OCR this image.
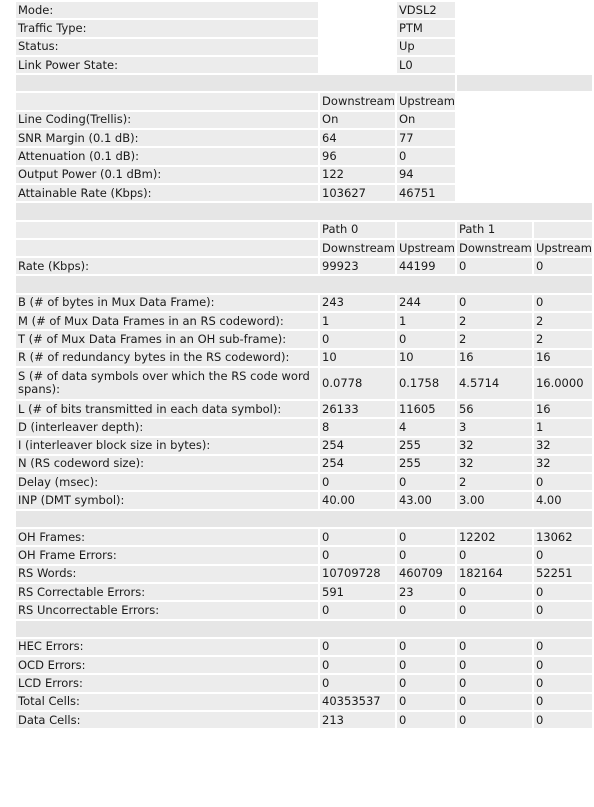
Mode:		VDSL2		
Traffic Type:		PTM		
Status:		Up		
Link Power State:		L0		

	Downstream	Upstream		
Line Coding(Trellis):	On	On		
SNR Margin (0.1 dB):	64	77		
Attenuation (0.1 dB):	96	0		
Output Power (0.1 dBm):	122	94		
Attainable Rate (Kbps):	103627	46751		

	Path 0		Path 1	
	Downstream	Upstream	Downstream	Upstream
Rate (Kbps):	99923	44199	0	0

B (# of bytes in Mux Data Frame):	243	244	0	0
M (# of Mux Data Frames in an RS codeword):	1	1	2	2
T (# of Mux Data Frames in an OH sub-frame):	0	0	2	2
R (# of redundancy bytes in the RS codeword):	10	10	16	16
S (# of data symbols over which the RS code word spans):	0.0778	0.1758	4.5714	16.0000
L (# of bits transmitted in each data symbol):	26133	11605	56	16
D (interleaver depth):	8	4	3	1
I (interleaver block size in bytes):	254	255	32	32
N (RS codeword size):	254	255	32	32
Delay (msec):	0	0	2	0
INP (DMT symbol):	40.00	43.00	3.00	4.00

OH Frames:	0	0	12202	13062
OH Frame Errors:	0	0	0	0
RS Words:	10709728	460709	182164	52251
RS Correctable Errors:	591	23	0	0
RS Uncorrectable Errors:	0	0	0	0

HEC Errors:	0	0	0	0
OCD Errors:	0	0	0	0
LCD Errors:	0	0	0	0
Total Cells:	40353537	0	0	0
Data Cells:	213	0	0	0
